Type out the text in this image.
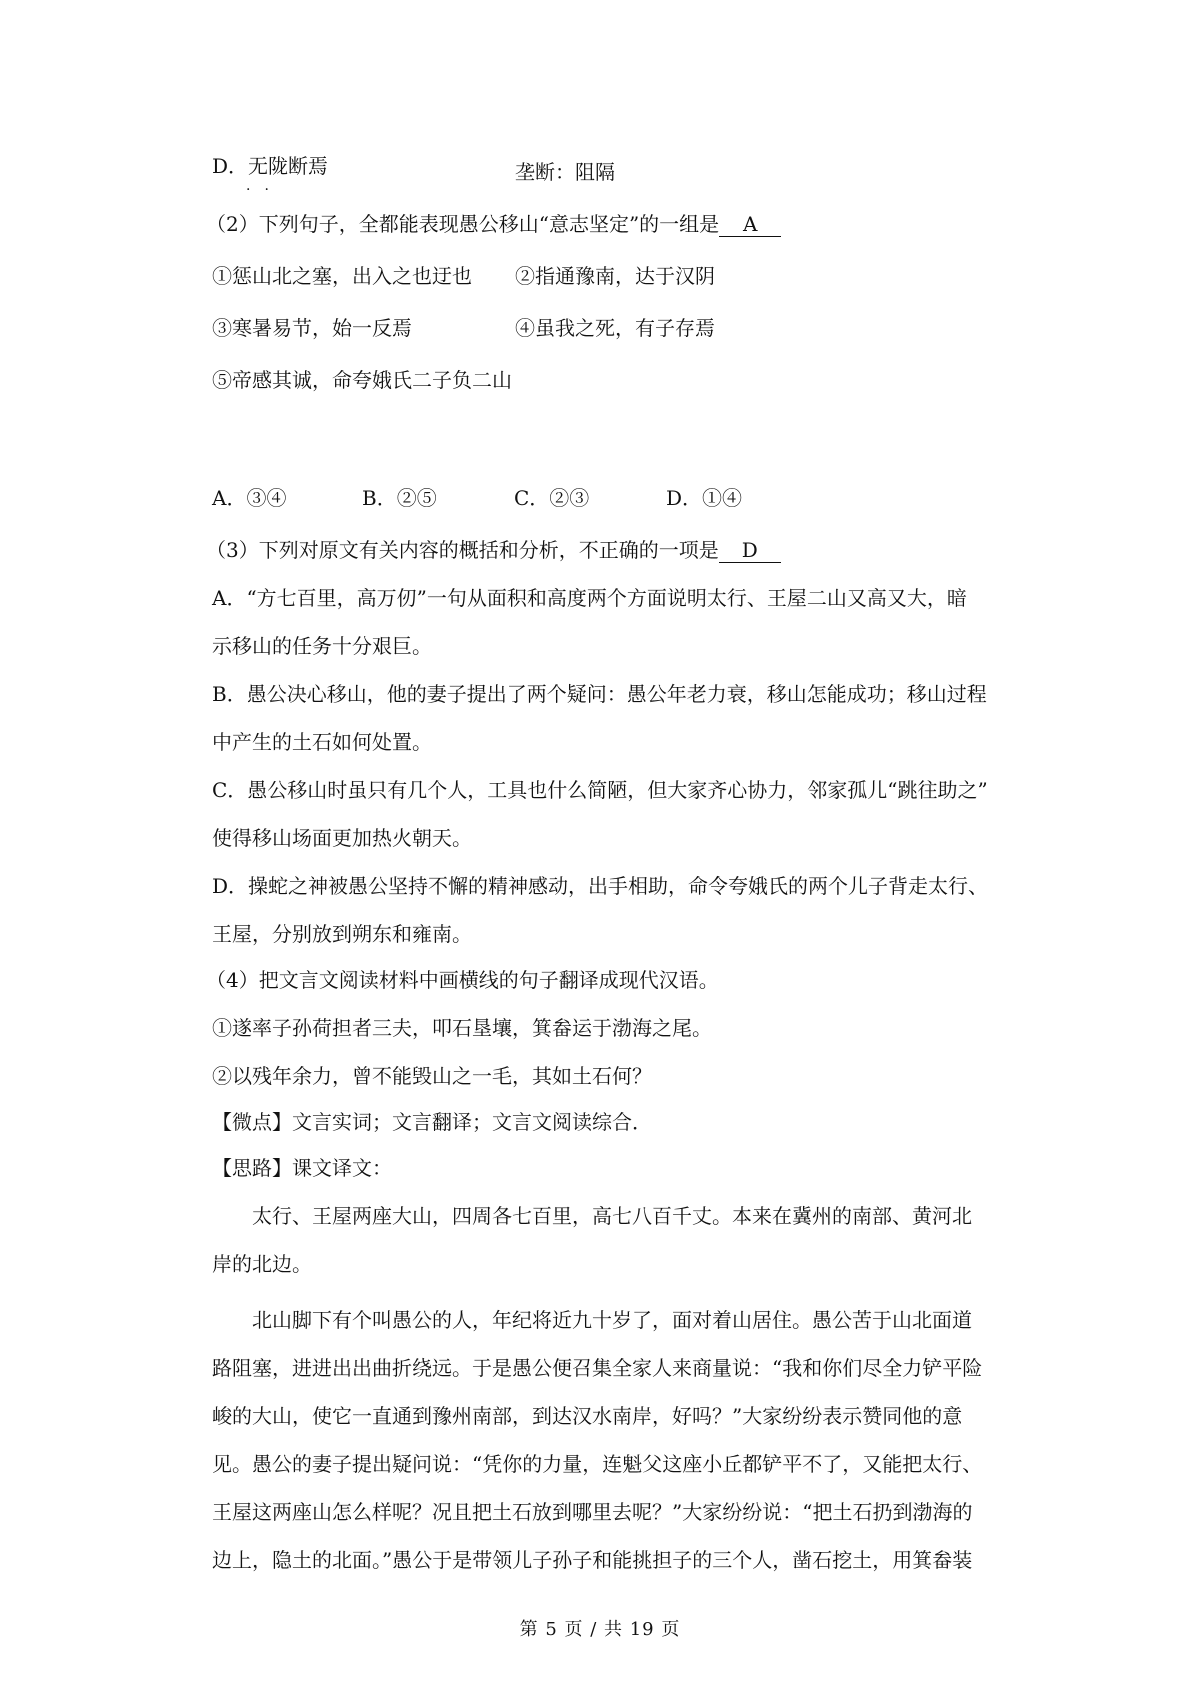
D．无陇断焉
··
垄断：阻隔
（2）下列句子，全都能表现愚公移山“意志坚定”的一组是 A
①惩山北之塞，出入之也迂也 ②指通豫南，达于汉阴
③寒暑易节，始一反焉	④虽我之死，有子存焉
⑤帝感其诚，命夸娥氏二子负二山
A．③④	B．②⑤	C．②③	D．①④
（3）下列对原文有关内容的概括和分析，不正确的一项是 D
A．“方七百里，高万仞”一句从面积和高度两个方面说明太行、王屋二山又高又大，暗
示移山的任务十分艰巨。
B．愚公决心移山，他的妻子提出了两个疑问：愚公年老力衰，移山怎能成功；移山过程
中产生的土石如何处置。
C．愚公移山时虽只有几个人，工具也什么简陋，但大家齐心协力，邻家孤儿“跳往助之”
使得移山场面更加热火朝天。
D．操蛇之神被愚公坚持不懈的精神感动，出手相助，命令夸娥氏的两个儿子背走太行、
王屋，分别放到朔东和雍南。
（4）把文言文阅读材料中画横线的句子翻译成现代汉语。
①遂率子孙荷担者三夫，叩石垦壤，箕畚运于渤海之尾。
②以残年余力，曾不能毁山之一毛，其如土石何？
【微点】文言实词；文言翻译；文言文阅读综合．
【思路】课文译文：
太行、王屋两座大山，四周各七百里，高七八百千丈。本来在冀州的南部、黄河北
岸的北边。
北山脚下有个叫愚公的人，年纪将近九十岁了，面对着山居住。愚公苦于山北面道
路阻塞，进进出出曲折绕远。于是愚公便召集全家人来商量说：“我和你们尽全力铲平险
峻的大山，使它一直通到豫州南部，到达汉水南岸，好吗？”大家纷纷表示赞同他的意
见。愚公的妻子提出疑问说：“凭你的力量，连魁父这座小丘都铲平不了，又能把太行、
王屋这两座山怎么样呢？况且把土石放到哪里去呢？”大家纷纷说：“把土石扔到渤海的
边上，隐土的北面。”愚公于是带领儿子孙子和能挑担子的三个人，凿石挖土，用箕畚装
第 5 页 / 共 19 页
